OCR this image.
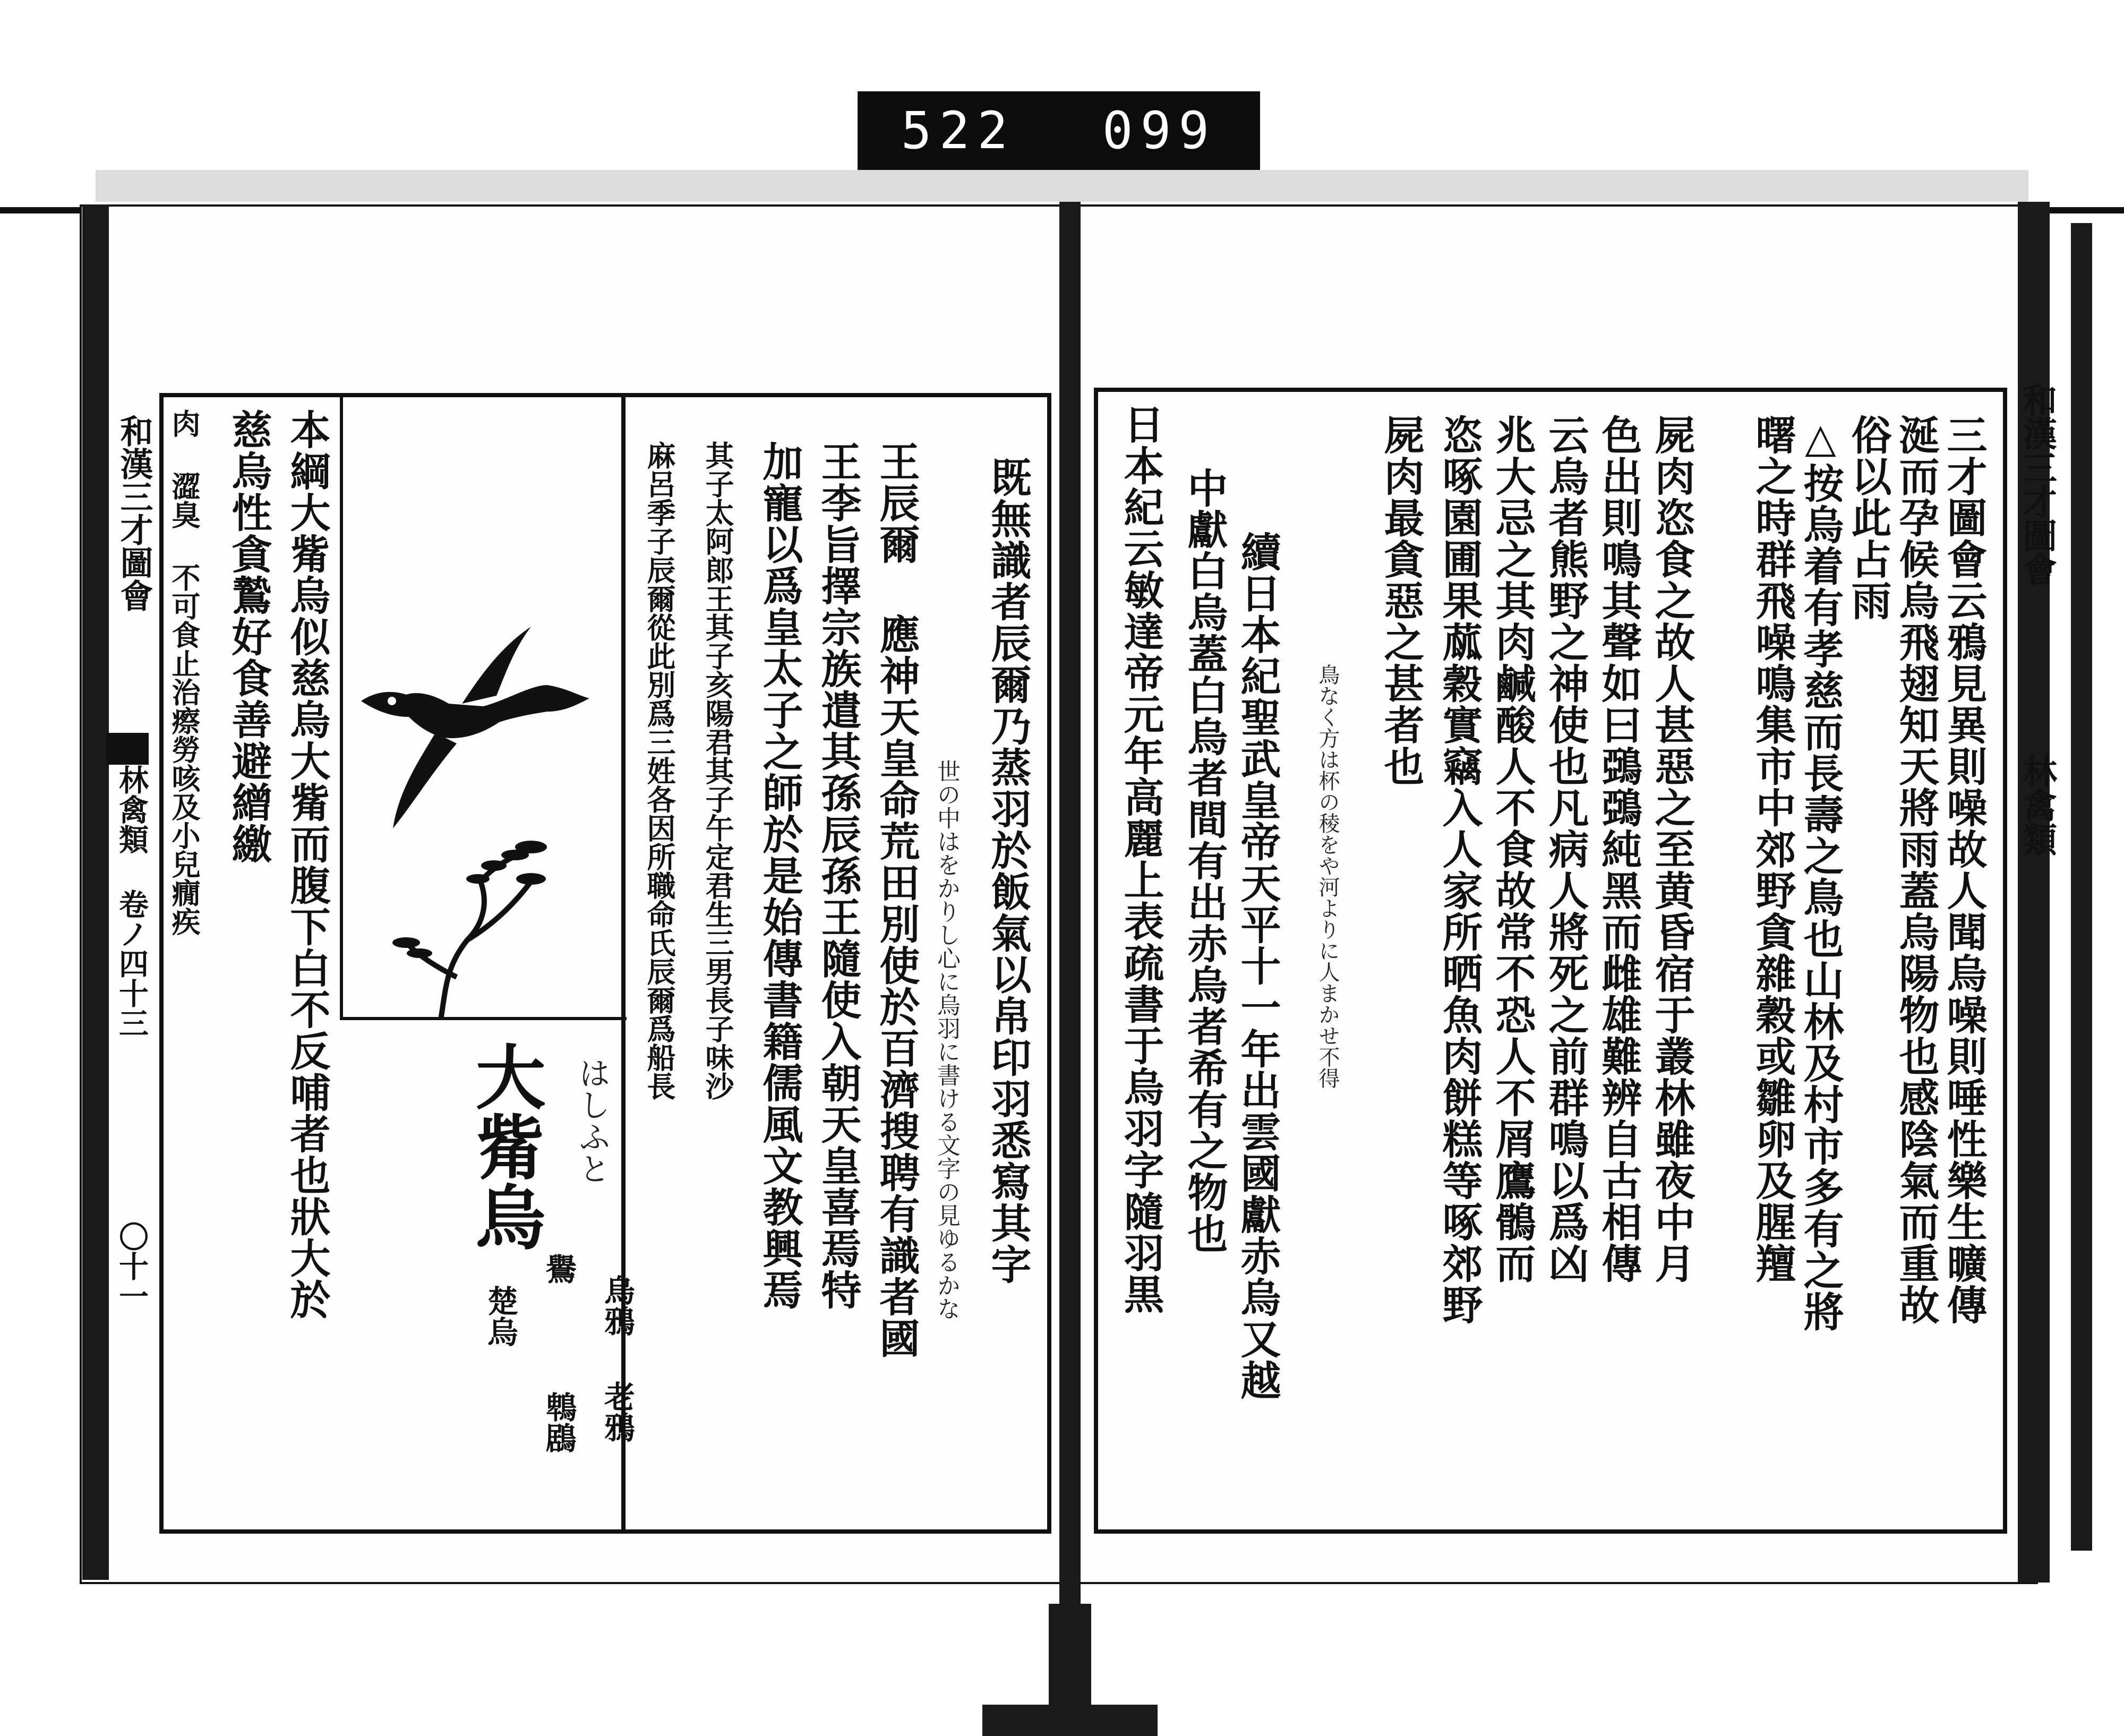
522 099
和漢三才圖會
林禽類
三才圖會云鴉見異則噪故人聞烏噪則唾性樂生曠傳
涎而孕候烏飛翅知天將雨蓋烏陽物也感陰氣而重故
俗以此占雨
△按烏着有孝慈而長壽之鳥也山林及村市多有之將
曙之時群飛噪鳴集市中郊野貪雜穀或雛卵及腥羶
屍肉恣食之故人甚惡之至黄昏宿于叢林雖夜中月
色出則鳴其聲如曰鵶鵶純黑而雌雄難辨自古相傳
云烏者熊野之神使也凡病人將死之前群鳴以爲凶
兆大忌之其肉鹹酸人不食故常不恐人不屑鷹鶻而
恣啄園圃果蓏穀實竊入人家所晒魚肉餅糕等啄郊野
屍肉最貪惡之甚者也
鳥なく方は杯の稜をや河よりに人まかせ不得
續日本紀聖武皇帝天平十一年出雲國獻赤烏又越
中獻白烏蓋白烏者間有出赤烏者希有之物也
日本紀云敏達帝元年高麗上表疏書于烏羽字隨羽黒
和漢三才圖會
林禽類 卷ノ四十三
〇十一	既無識者辰爾乃蒸羽於飯氣以帛印羽悉寫其字
世の中はをかりし心に烏羽に書ける文字の見ゆるかな
王辰爾 應神天皇命荒田別使於百濟搜聘有識者國
王李旨擇宗族遣其孫辰孫王隨使入朝天皇喜焉特
加寵以爲皇太子之師於是始傳書籍儒風文教興焉
其子太阿郎王其子亥陽君其子午定君生三男長子味沙
麻呂季子辰爾從此別爲三姓各因所職命氏辰爾爲船長
大觜烏 はしふと
烏鴉
鸒
楚烏
老鴉
鵯鶋
本綱大觜烏似慈烏大觜而腹下白不反哺者也狀大於
慈烏性貪鷙好食善避繒繳
肉 澀臭 不可食止治瘵勞咳及小兒癇疾
